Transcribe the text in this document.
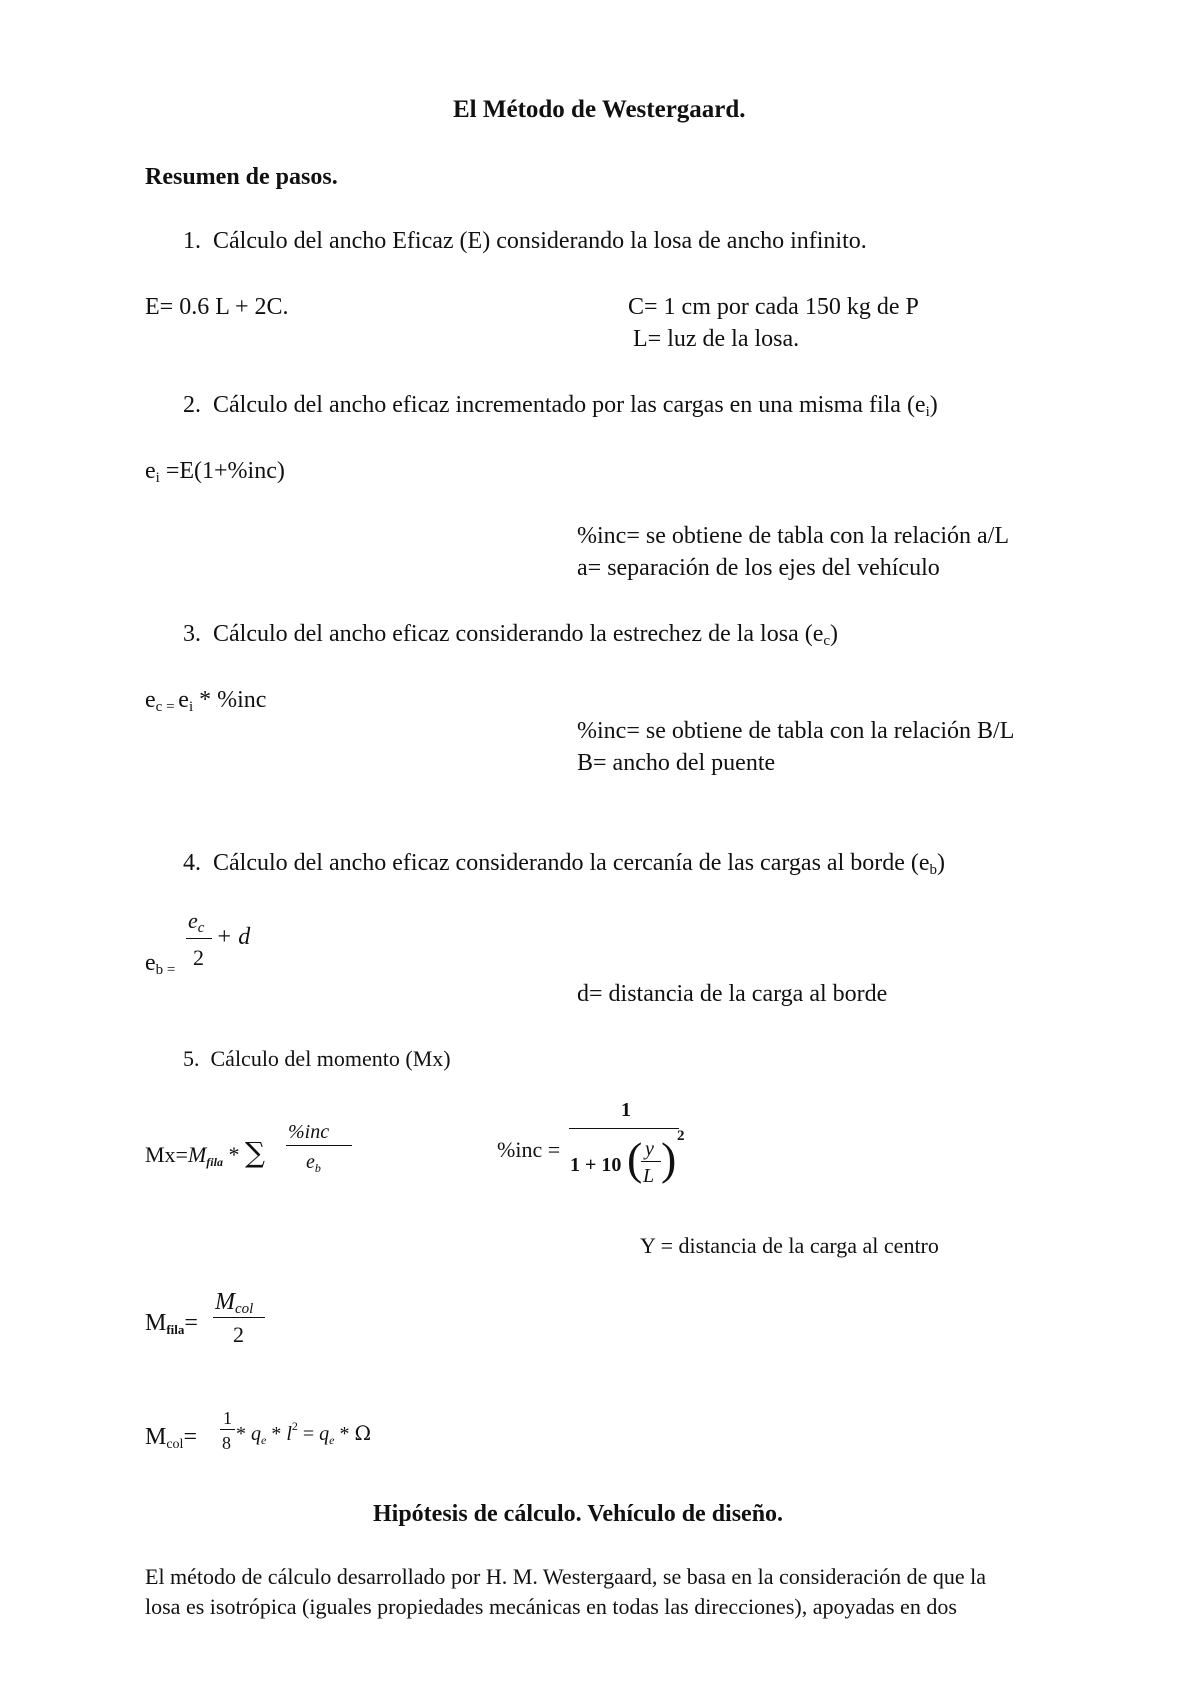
El Método de Westergaard.
Resumen de pasos.
1. Cálculo del ancho Eficaz (E) considerando la losa de ancho infinito.
E= 0.6 L + 2C.	C= 1 cm por cada 150 kg de P
L= luz de la losa.
2. Cálculo del ancho eficaz incrementado por las cargas en una misma fila $(e_i)$
$e_i =E(1+\%inc)$
%inc= se obtiene de tabla con la relación a/L
a= separación de los ejes del vehículo
3. Cálculo del ancho eficaz considerando la estrechez de la losa $(e_c)$
$e_{c =}$ $e_i * \%inc$
%inc= se obtiene de tabla con la relación B/L
B= ancho del puente
4. Cálculo del ancho eficaz considerando la cercanía de las cargas al borde $(e_b)$
$e_{b =}$
$e_c$
2
+ d
d= distancia de la carga al borde
5. Cálculo del momento (Mx)
$Mx=M_{fila}$ * ∑
%inc
$e_b$
%inc =
1
1 + 10 ( y
L ) 2
Y = distancia de la carga al centro
$M_{fila}=$
$M_{col}$
2
$M_{col}=$
1
$8 * q_e * l^2 = q_e * \Omega$
Hipótesis de cálculo. Vehículo de diseño.
El método de cálculo desarrollado por H. M. Westergaard, se basa en la consideración de que la
losa es isotrópica (iguales propiedades mecánicas en todas las direcciones), apoyadas en dos
